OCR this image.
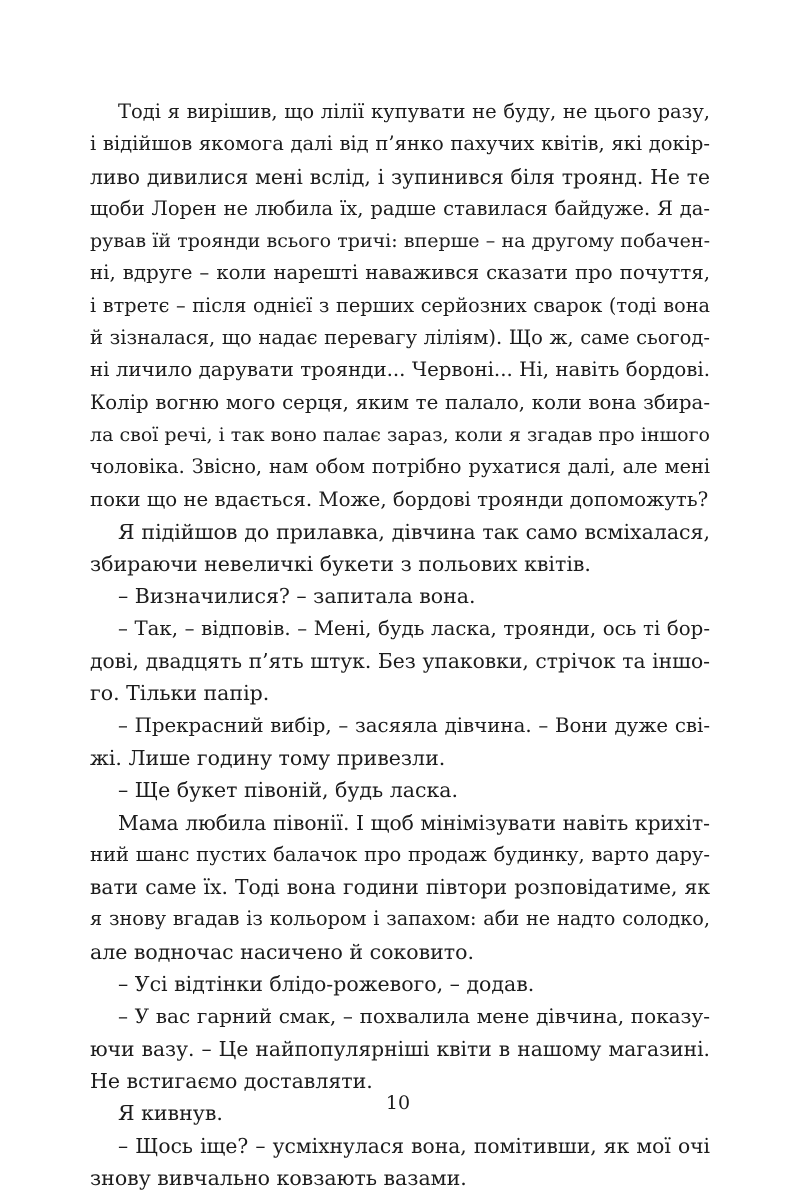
Тоді я вирішив, що лілії купувати не буду, не цього разу,
і відійшов якомога далі від п’янко пахучих квітів, які докір-
ливо дивилися мені вслід, і зупинився біля троянд. Не те
щоби Лорен не любила їх, радше ставилася байдуже. Я да-
рував їй троянди всього тричі: вперше – на другому побачен-
ні, вдруге – коли нарешті наважився сказати про почуття,
і втретє – після однієї з перших серйозних сварок (тоді вона
й зізналася, що надає перевагу ліліям). Що ж, саме сьогод-
ні личило дарувати троянди... Червоні... Ні, навіть бордові.
Колір вогню мого серця, яким те палало, коли вона збира-
ла свої речі, і так воно палає зараз, коли я згадав про іншого
чоловіка. Звісно, нам обом потрібно рухатися далі, але мені
поки що не вдається. Може, бордові троянди допоможуть?
Я підійшов до прилавка, дівчина так само всміхалася,
збираючи невеличкі букети з польових квітів.
– Визначилися? – запитала вона.
– Так, – відповів. – Мені, будь ласка, троянди, ось ті бор-
дові, двадцять п’ять штук. Без упаковки, стрічок та іншо-
го. Тільки папір.
– Прекрасний вибір, – засяяла дівчина. – Вони дуже сві-
жі. Лише годину тому привезли.
– Ще букет півоній, будь ласка.
Мама любила півонії. І щоб мінімізувати навіть крихіт-
ний шанс пустих балачок про продаж будинку, варто дару-
вати саме їх. Тоді вона години півтори розповідатиме, як
я знову вгадав із кольором і запахом: аби не надто солодко,
але водночас насичено й соковито.
– Усі відтінки блідо-рожевого, – додав.
– У вас гарний смак, – похвалила мене дівчина, показу-
ючи вазу. – Це найпопулярніші квіти в нашому магазині.
Не встигаємо доставляти.
Я кивнув.
– Щось іще? – усміхнулася вона, помітивши, як мої очі
знову вивчально ковзають вазами.
10
